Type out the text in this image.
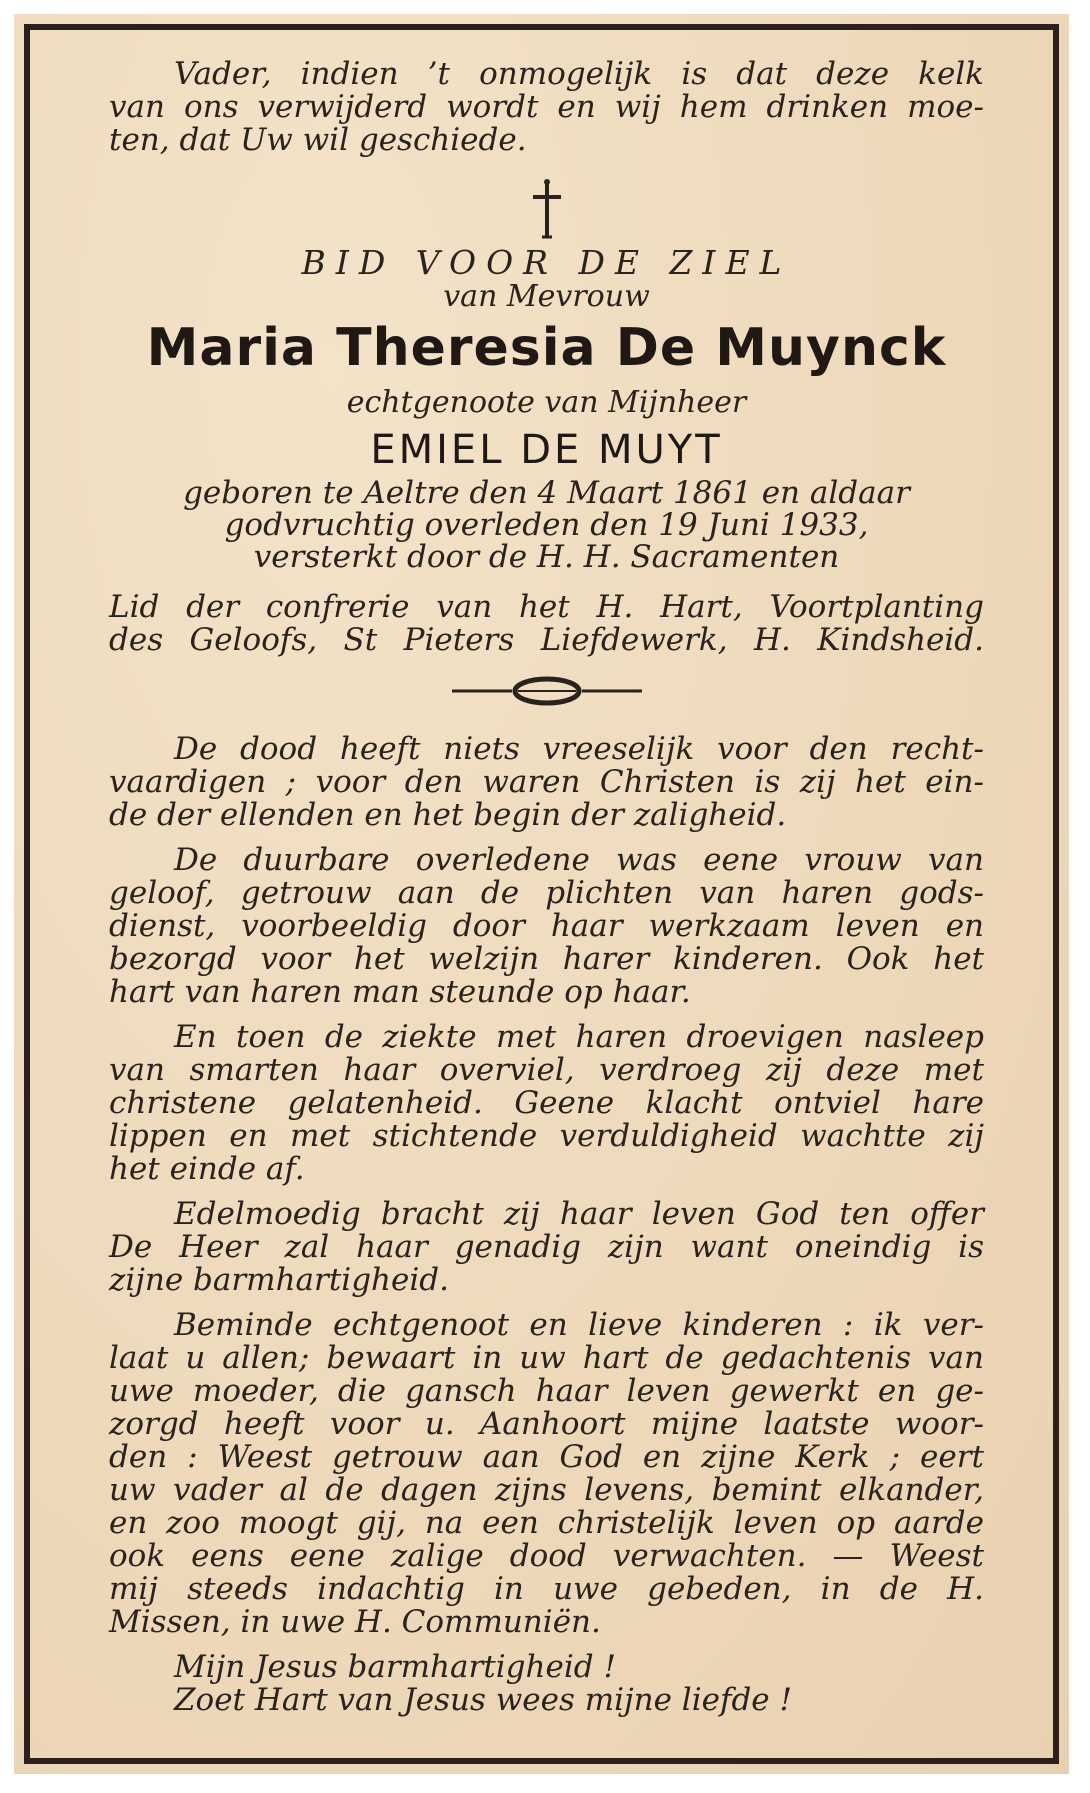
Vader, indien ’t onmogelijk is dat deze kelk
van ons verwijderd wordt en wij hem drinken moe-
ten, dat Uw wil geschiede.
BID VOOR DE ZIEL
van Mevrouw
Maria Theresia De Muynck
echtgenoote van Mijnheer
EMIEL DE MUYT
geboren te Aeltre den 4 Maart 1861 en aldaar
godvruchtig overleden den 19 Juni 1933,
versterkt door de H. H. Sacramenten
Lid der confrerie van het H. Hart, Voortplanting
des Geloofs, St Pieters Liefdewerk, H. Kindsheid.
De dood heeft niets vreeselijk voor den recht-
vaardigen ; voor den waren Christen is zij het ein-
de der ellenden en het begin der zaligheid.
De duurbare overledene was eene vrouw van
geloof, getrouw aan de plichten van haren gods-
dienst, voorbeeldig door haar werkzaam leven en
bezorgd voor het welzijn harer kinderen. Ook het
hart van haren man steunde op haar.
En toen de ziekte met haren droevigen nasleep
van smarten haar overviel, verdroeg zij deze met
christene gelatenheid. Geene klacht ontviel hare
lippen en met stichtende verduldigheid wachtte zij
het einde af.
Edelmoedig bracht zij haar leven God ten offer
De Heer zal haar genadig zijn want oneindig is
zijne barmhartigheid.
Beminde echtgenoot en lieve kinderen : ik ver-
laat u allen; bewaart in uw hart de gedachtenis van
uwe moeder, die gansch haar leven gewerkt en ge-
zorgd heeft voor u. Aanhoort mijne laatste woor-
den : Weest getrouw aan God en zijne Kerk ; eert
uw vader al de dagen zijns levens, bemint elkander,
en zoo moogt gij, na een christelijk leven op aarde
ook eens eene zalige dood verwachten. — Weest
mij steeds indachtig in uwe gebeden, in de H.
Missen, in uwe H. Communiën.
Mijn Jesus barmhartigheid !
Zoet Hart van Jesus wees mijne liefde !
